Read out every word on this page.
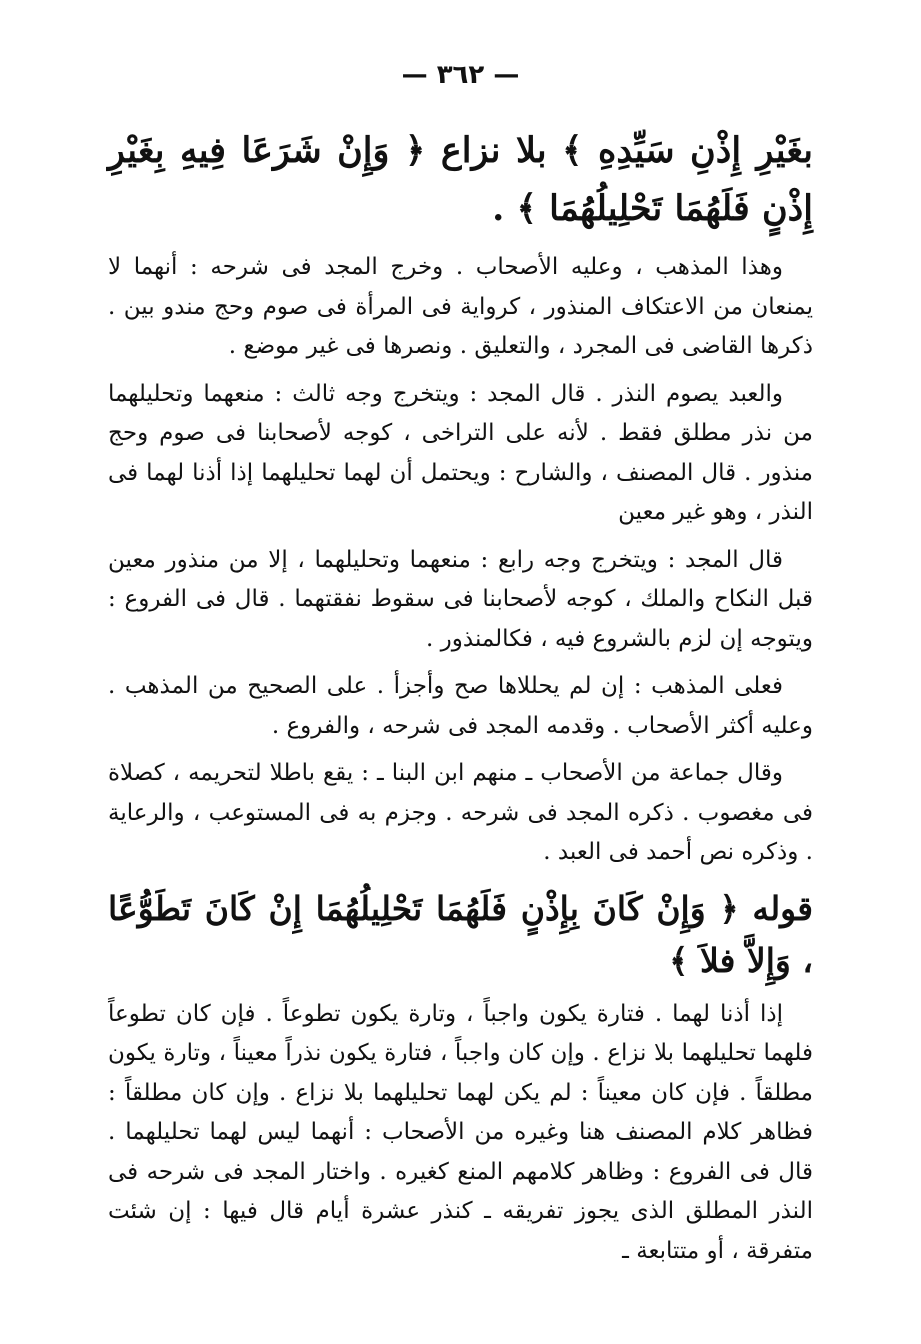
— ٣٦٢ —

بغَيْرِ إِذْنِ سَيِّدِهِ ﴾ بلا نزاع ﴿ وَإِنْ شَرَعَا فِيهِ بِغَيْرِ إِذْنٍ فَلَهُمَا تَحْلِيلُهُمَا ﴾ .

وهذا المذهب ، وعليه الأصحاب . وخرج المجد فى شرحه : أنهما لا يمنعان من الاعتكاف المنذور ، كرواية فى المرأة فى صوم وحج مندو بين . ذكرها القاضى فى المجرد ، والتعليق . ونصرها فى غير موضع .

والعبد يصوم النذر . قال المجد : ويتخرج وجه ثالث : منعهما وتحليلهما من نذر مطلق فقط . لأنه على التراخى ، كوجه لأصحابنا فى صوم وحج منذور . قال المصنف ، والشارح : ويحتمل أن لهما تحليلهما إذا أذنا لهما فى النذر ، وهو غير معين

قال المجد : ويتخرج وجه رابع : منعهما وتحليلهما ، إلا من منذور معين قبل النكاح والملك ، كوجه لأصحابنا فى سقوط نفقتهما . قال فى الفروع : ويتوجه إن لزم بالشروع فيه ، فكالمنذور .

فعلى المذهب : إن لم يحللاها صح وأجزأ . على الصحيح من المذهب . وعليه أكثر الأصحاب . وقدمه المجد فى شرحه ، والفروع .

وقال جماعة من الأصحاب ـ منهم ابن البنا ـ : يقع باطلا لتحريمه ، كصلاة فى مغصوب . ذكره المجد فى شرحه . وجزم به فى المستوعب ، والرعاية . وذكره نص أحمد فى العبد .

قوله ﴿ وَإِنْ كَانَ بِإِذْنٍ فَلَهُمَا تَحْلِيلُهُمَا إِنْ كَانَ تَطَوُّعًا ، وَإِلاَّ فلاَ ﴾

إذا أذنا لهما . فتارة يكون واجباً ، وتارة يكون تطوعاً . فإن كان تطوعاً فلهما تحليلهما بلا نزاع . وإن كان واجباً ، فتارة يكون نذراً معيناً ، وتارة يكون مطلقاً . فإن كان معيناً : لم يكن لهما تحليلهما بلا نزاع . وإن كان مطلقاً : فظاهر كلام المصنف هنا وغيره من الأصحاب : أنهما ليس لهما تحليلهما . قال فى الفروع : وظاهر كلامهم المنع كغيره . واختار المجد فى شرحه فى النذر المطلق الذى يجوز تفريقه ـ كنذر عشرة أيام قال فيها : إن شئت متفرقة ، أو متتابعة ـ
